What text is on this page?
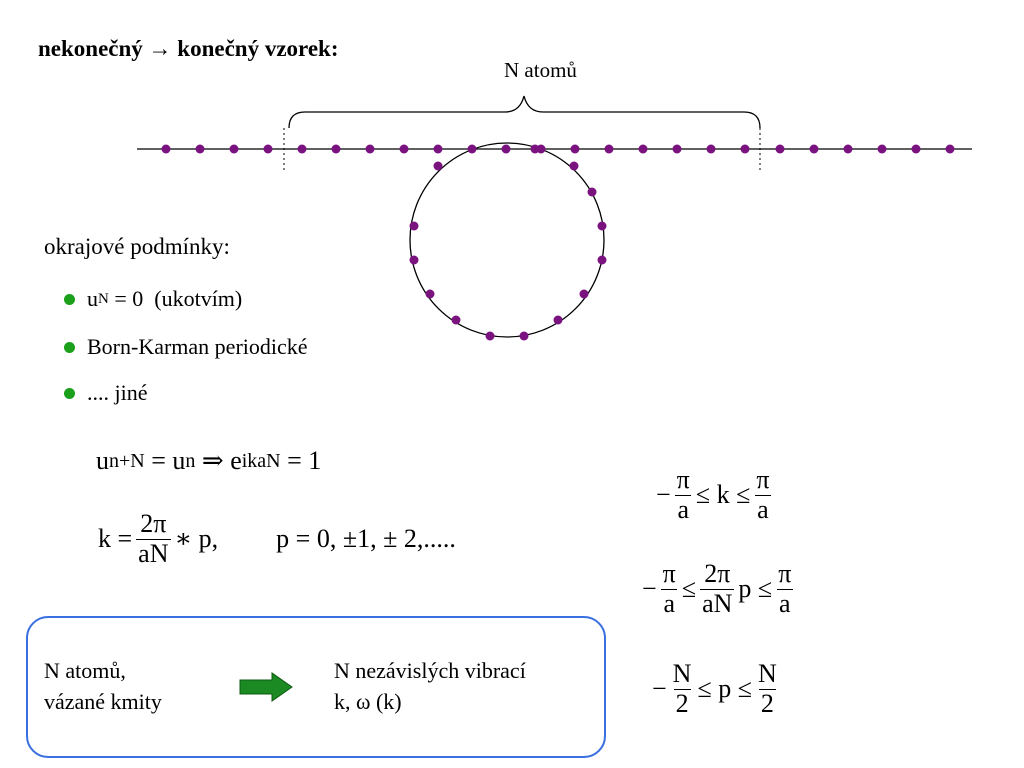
nekonečný → konečný vzorek:
N atomů
okrajové podmínky:
u N = 0  (ukotvím)
Born-Karman periodické
.... jiné
u n+N = u n ⇒ e ikaN = 1
$k = \frac{2\pi}{aN}$ ∗ p, p = 0, ±1, ± 2,.....
− $\frac{\pi}{a} \le k \le \frac{\pi}{a}$
− $\frac{\pi}{a} \le \frac{2\pi}{aN}$ $p \le \frac{\pi}{a}$
− $\frac{N}{2} \le p \le \frac{N}{2}$
N atomů,
vázané kmity
N nezávislých vibrací
k, ω (k)
